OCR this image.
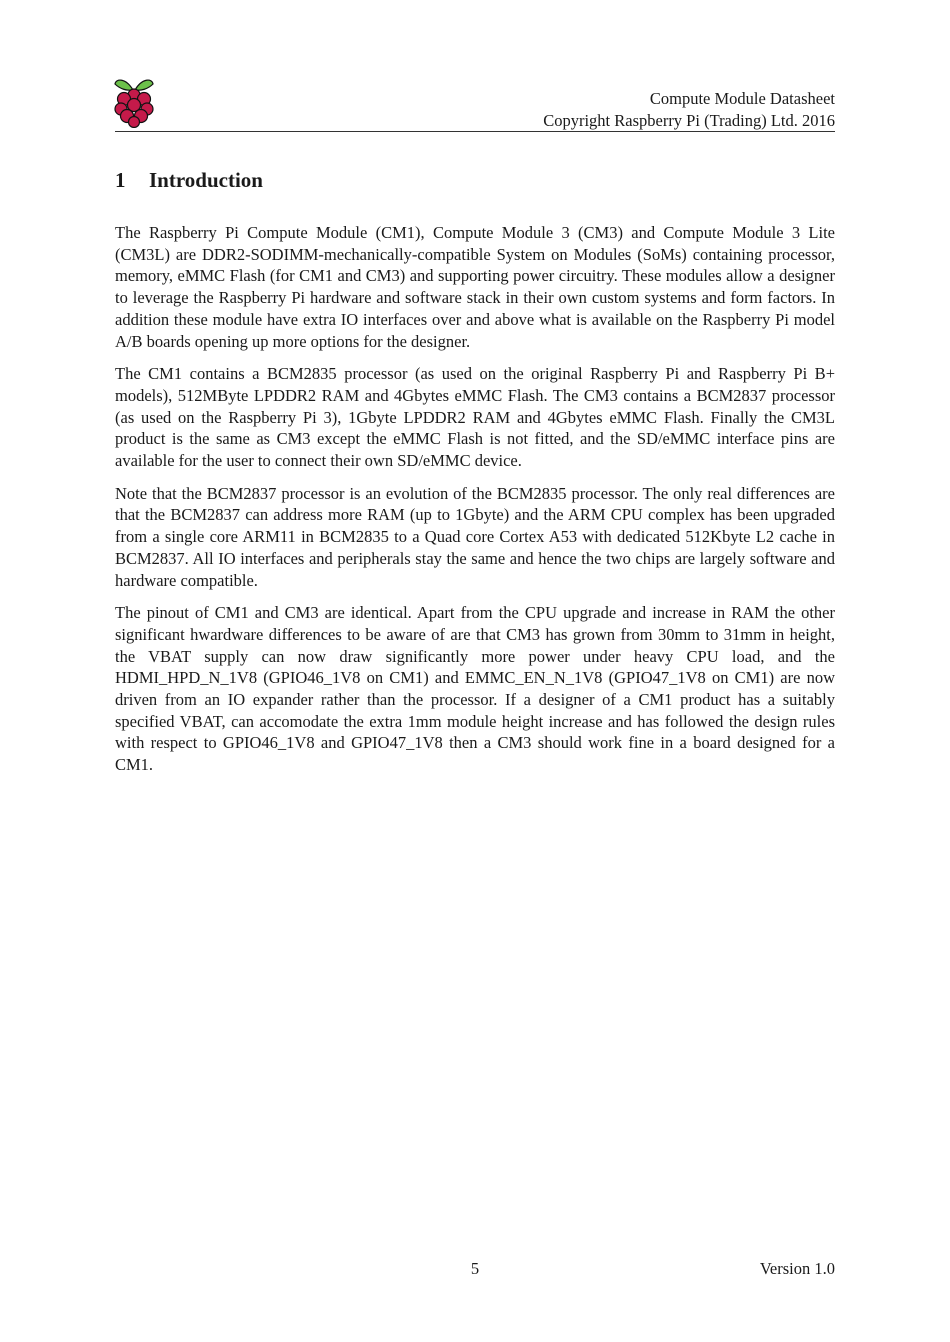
Compute Module Datasheet
Copyright Raspberry Pi (Trading) Ltd. 2016
1 Introduction

The Raspberry Pi Compute Module (CM1), Compute Module 3 (CM3) and Compute Module 3 Lite (CM3L) are DDR2-SODIMM-mechanically-compatible System on Modules (SoMs) containing processor, memory, eMMC Flash (for CM1 and CM3) and supporting power circuitry. These modules allow a designer to leverage the Raspberry Pi hardware and software stack in their own custom systems and form factors. In addition these module have extra IO interfaces over and above what is available on the Raspberry Pi model A/B boards opening up more options for the designer.

The CM1 contains a BCM2835 processor (as used on the original Raspberry Pi and Raspberry Pi B+ models), 512MByte LPDDR2 RAM and 4Gbytes eMMC Flash. The CM3 contains a BCM2837 processor (as used on the Raspberry Pi 3), 1Gbyte LPDDR2 RAM and 4Gbytes eMMC Flash. Finally the CM3L product is the same as CM3 except the eMMC Flash is not fitted, and the SD/eMMC interface pins are available for the user to connect their own SD/eMMC device.

Note that the BCM2837 processor is an evolution of the BCM2835 processor. The only real differences are that the BCM2837 can address more RAM (up to 1Gbyte) and the ARM CPU complex has been upgraded from a single core ARM11 in BCM2835 to a Quad core Cortex A53 with dedicated 512Kbyte L2 cache in BCM2837. All IO interfaces and peripherals stay the same and hence the two chips are largely software and hardware compatible.

The pinout of CM1 and CM3 are identical. Apart from the CPU upgrade and increase in RAM the other significant hwardware differences to be aware of are that CM3 has grown from 30mm to 31mm in height, the VBAT supply can now draw significantly more power under heavy CPU load, and the HDMI_HPD_N_1V8 (GPIO46_1V8 on CM1) and EMMC_EN_N_1V8 (GPIO47_1V8 on CM1) are now driven from an IO expander rather than the processor. If a designer of a CM1 product has a suitably specified VBAT, can accomodate the extra 1mm module height increase and has followed the design rules with respect to GPIO46_1V8 and GPIO47_1V8 then a CM3 should work fine in a board designed for a CM1.

5	Version 1.0
